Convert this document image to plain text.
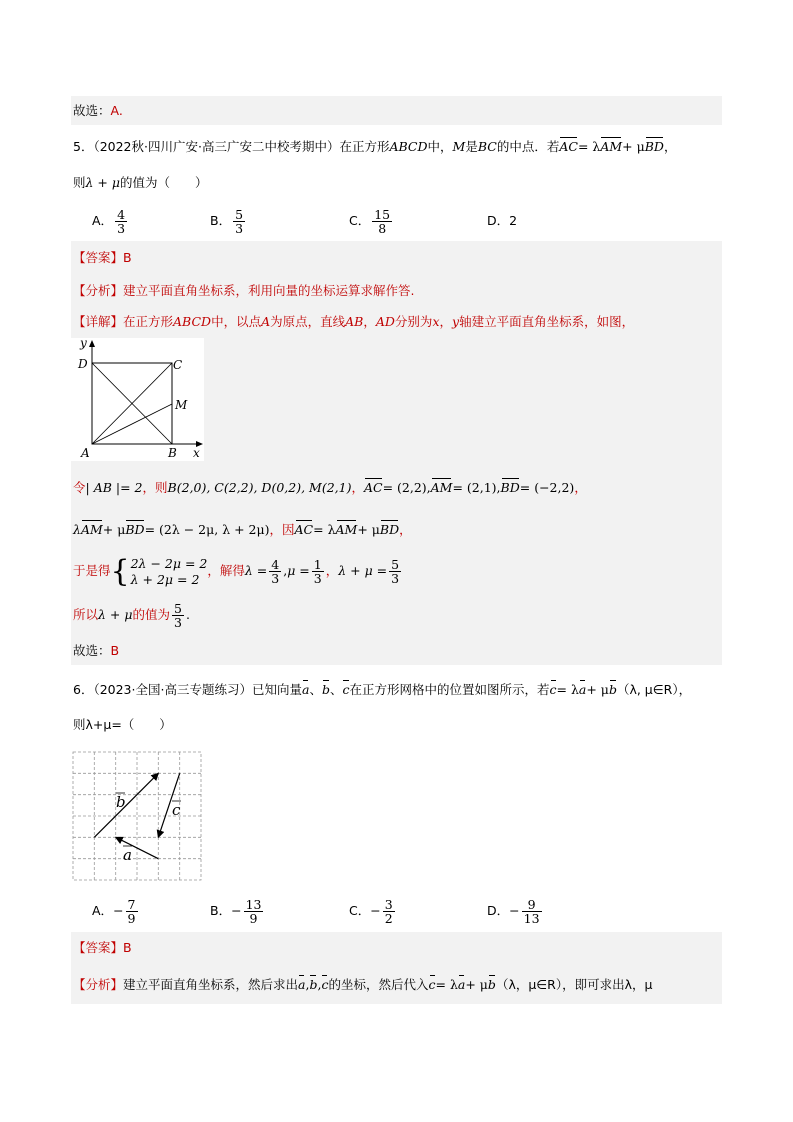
故选：A.
5．（2022秋·四川广安·高三广安二中校考期中）在正方形ABCD中，M是BC的中点．若AC= λAM+ μBD，
则λ + μ的值为（　　）
A． $\frac{4}{3}$	B． $\frac{5}{3}$	C． $\frac{15}{8}$	D．2
【答案】B
【分析】建立平面直角坐标系，利用向量的坐标运算求解作答.
【详解】在正方形ABCD中，以点A为原点，直线AB，AD分别为x，y轴建立平面直角坐标系，如图，
y
D	C
M
A	B x
令| AB |= 2，则B(2,0), C(2,2), D(0,2), M(2,1)，AC= (2,2),AM= (2,1),BD= (−2,2)，
λAM+ μBD= (2λ − 2μ, λ + 2μ)，因AC= λAM+ μBD，
于是得{ 2λ − 2μ = 2
λ + 2μ = 2
，解得$\lambda = \frac{4}{3} ,\mu = \frac{1}{3}$ ，$\lambda + \mu = \frac{5}{3}$
所以λ + μ的值为 $\frac{5}{3}$ .
故选：B
6．（2023·全国·高三专题练习）已知向量a、b、c在正方形网格中的位置如图所示，若c= λa+ μb（λ, μ∈R），
则λ+μ=（　　）
b	c
a
A．− $\frac{7}{9}$	B．− $\frac{13}{9}$	C．− $\frac{3}{2}$	D．− $\frac{9}{13}$
【答案】B
【分析】建立平面直角坐标系，然后求出a,b,c的坐标，然后代入c= λa+ μb（λ，μ∈R），即可求出λ，μ
